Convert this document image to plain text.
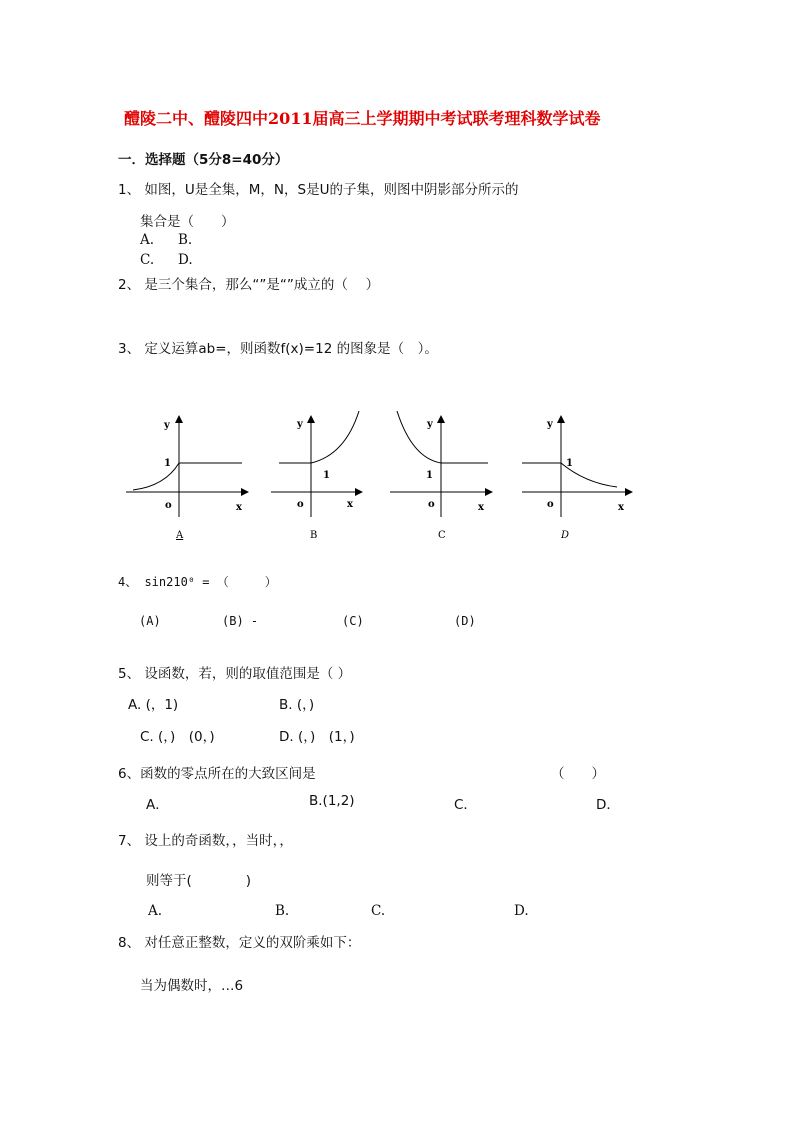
醴陵二中、醴陵四中2011届高三上学期期中考试联考理科数学试卷
一．选择题（5分8=40分）
1、 如图，U是全集，M，N，S是U的子集，则图中阴影部分所示的
集合是（　　）
A. B.
C. D.
2、 是三个集合，那么“”是“”成立的（　 ）
3、 定义运算ab=，则函数f(x)=12 的图象是（　）。
y
1
o	x
y
1
o	x
y
1
o	x
y
1
o	x
A	B	C	D
4、 sin210⁰ = （　　　）
(A)	(B) -	(C)	(D)
5、 设函数，若，则的取值范围是（ ）
A. (，1)	B. (，)
C. (，)　(0，)	D. (，)　(1，)
6、函数的零点所在的大致区间是	（　　）
A．	B.(1,2)	C．	D．
7、 设上的奇函数，，当时，，
则等于(　　　　)
A.	B.	C.	D.
8、 对任意正整数，定义的双阶乘如下：
当为偶数时，…6
